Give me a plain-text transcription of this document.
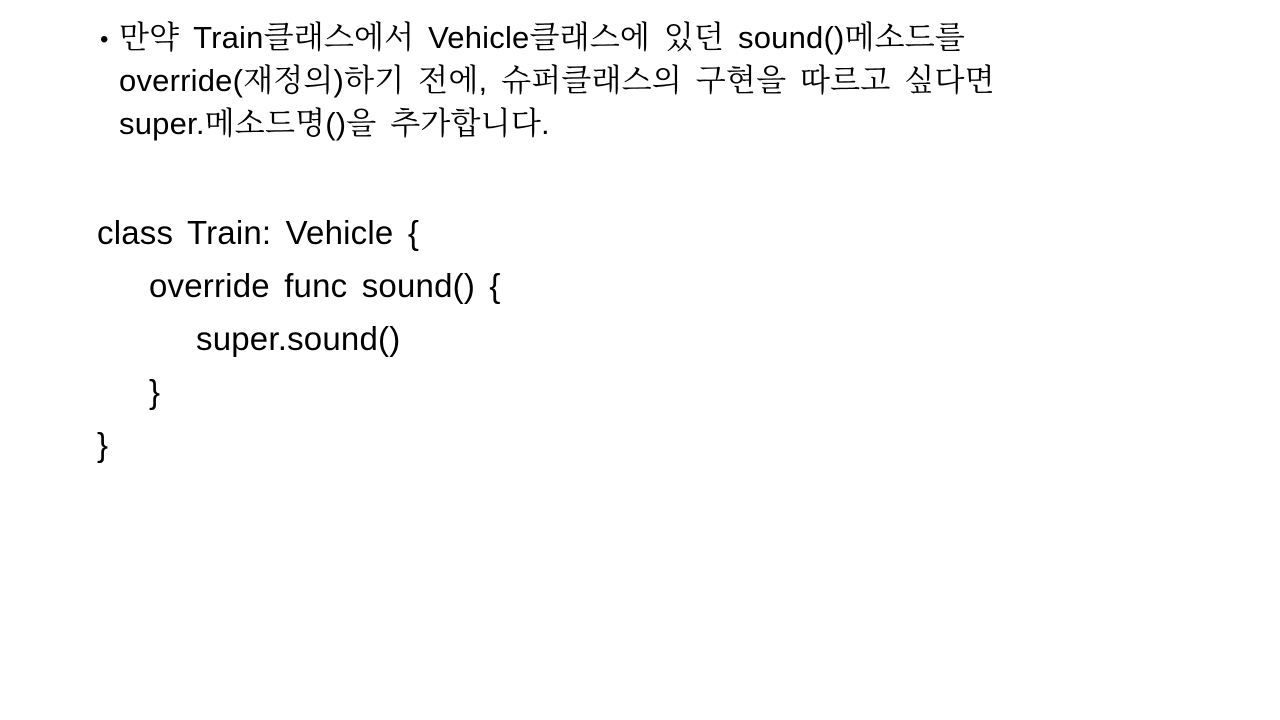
• 만약 Train클래스에서 Vehicle클래스에 있던 sound()메소드를
override(재정의)하기 전에, 슈퍼클래스의 구현을 따르고 싶다면
super.메소드명()을 추가합니다.
class Train: Vehicle {
override func sound() {
super.sound()
}
}
